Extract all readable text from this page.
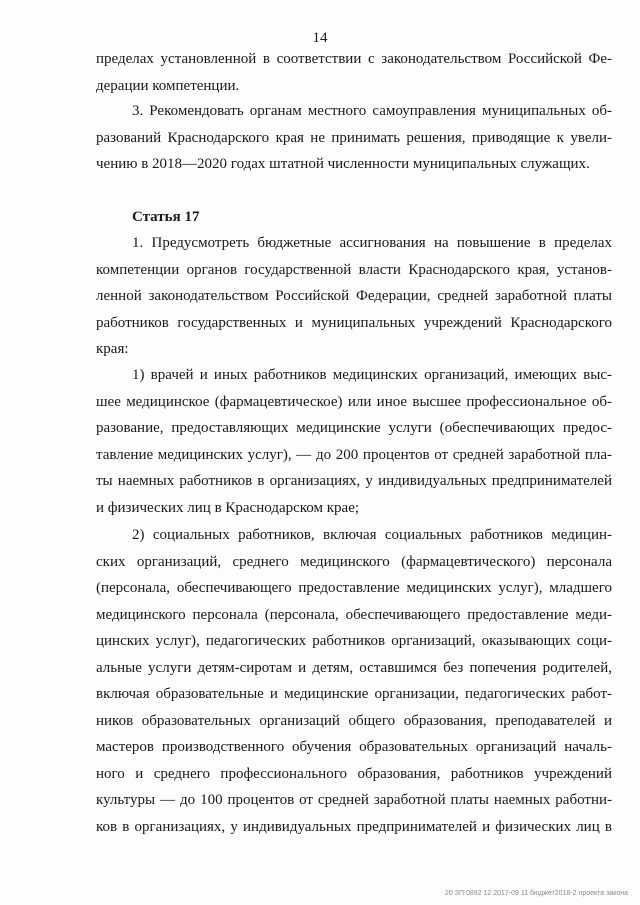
14
пределах установленной в соответствии с законодательством Российской Фе-
дерации компетенции.
3. Рекомендовать органам местного самоуправления муниципальных об-
разований Краснодарского края не принимать решения, приводящие к увели-
чению в 2018—2020 годах штатной численности муниципальных служащих.
Статья 17
1. Предусмотреть бюджетные ассигнования на повышение в пределах
компетенции органов государственной власти Краснодарского края, установ-
ленной законодательством Российской Федерации, средней заработной платы
работников государственных и муниципальных учреждений Краснодарского
края:
1) врачей и иных работников медицинских организаций, имеющих выс-
шее медицинское (фармацевтическое) или иное высшее профессиональное об-
разование, предоставляющих медицинские услуги (обеспечивающих предос-
тавление медицинских услуг), — до 200 процентов от средней заработной пла-
ты наемных работников в организациях, у индивидуальных предпринимателей
и физических лиц в Краснодарском крае;
2) социальных работников, включая социальных работников медицин-
ских организаций, среднего медицинского (фармацевтического) персонала
(персонала, обеспечивающего предоставление медицинских услуг), младшего
медицинского персонала (персонала, обеспечивающего предоставление меди-
цинских услуг), педагогических работников организаций, оказывающих соци-
альные услуги детям-сиротам и детям, оставшимся без попечения родителей,
включая образовательные и медицинские организации, педагогических работ-
ников образовательных организаций общего образования, преподавателей и
мастеров производственного обучения образовательных организаций началь-
ного и среднего профессионального образования, работников учреждений
культуры — до 100 процентов от средней заработной платы наемных работни-
ков в организациях, у индивидуальных предпринимателей и физических лиц в
20 ЗП 0892 12 2017-09 11 бюджет2018-2 проекта закона
